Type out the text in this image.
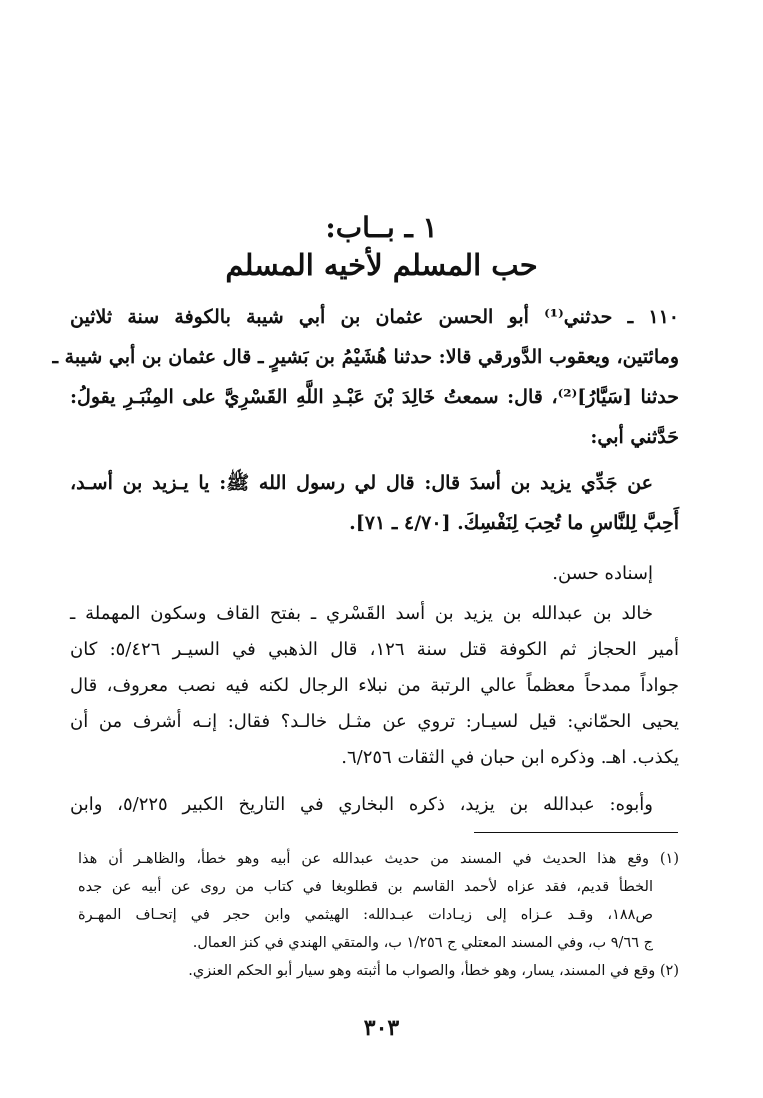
١ ـ بــاب:
حب المسلم لأخيه المسلم
١١٠ ـ حدثني⁽¹⁾ أبو الحسن عثمان بن أبي شيبة بالكوفة سنة ثلاثين
ومائتين، ويعقوب الدَّورقي قالا: حدثنا هُشَيْمُ بن بَشيرٍ ـ قال عثمان بن أبي شيبة ـ
حدثنا [سَيَّارُ]⁽²⁾، قال: سمعتُ خَالِدَ بْنَ عَبْـدِ اللَّهِ القَسْرِيَّ على المِنْبَـرِ يقولُ:
حَدَّثني أبي:
عن جَدِّي يزيد بن أسدَ قال: قال لي رسول الله ﷺ: يا يـزيد بن أسـد،
أَحِبَّ لِلنَّاسِ ما تُحِبَ لِنَفْسِكَ. [٤/٧٠ ـ ٧١].
إسناده حسن.
خالد بن عبدالله بن يزيد بن أسد القَسْري ـ بفتح القاف وسكون المهملة ـ
أمير الحجاز ثم الكوفة قتل سنة ١٢٦، قال الذهبي في السيـر ٥/٤٢٦: كان
جواداً ممدحاً معظماً عالي الرتبة من نبلاء الرجال لكنه فيه نصب معروف، قال
يحيى الحمّاني: قيل لسيـار: تروي عن مثـل خالـد؟ فقال: إنـه أشرف من أن
يكذب. اهـ. وذكره ابن حبان في الثقات ٦/٢٥٦.
وأبوه: عبدالله بن يزيد، ذكره البخاري في التاريخ الكبير ٥/٢٢٥، وابن
(١) وقع هذا الحديث في المسند من حديث عبدالله عن أبيه وهو خطأ، والظاهـر أن هذا
الخطأ قديم، فقد عزاه لأحمد القاسم بن قطلوبغا في كتاب من روى عن أبيه عن جده
ص١٨٨، وقـد عـزاه إلى زيـادات عبـدالله: الهيثمي وابن حجر في إتحـاف المهـرة
ج ٩/٦٦ ب، وفي المسند المعتلي ج ١/٢٥٦ ب، والمتقي الهندي في كنز العمال.
(٢) وقع في المسند، يسار، وهو خطأ، والصواب ما أثبته وهو سيار أبو الحكم العنزي.
٣٠٣
